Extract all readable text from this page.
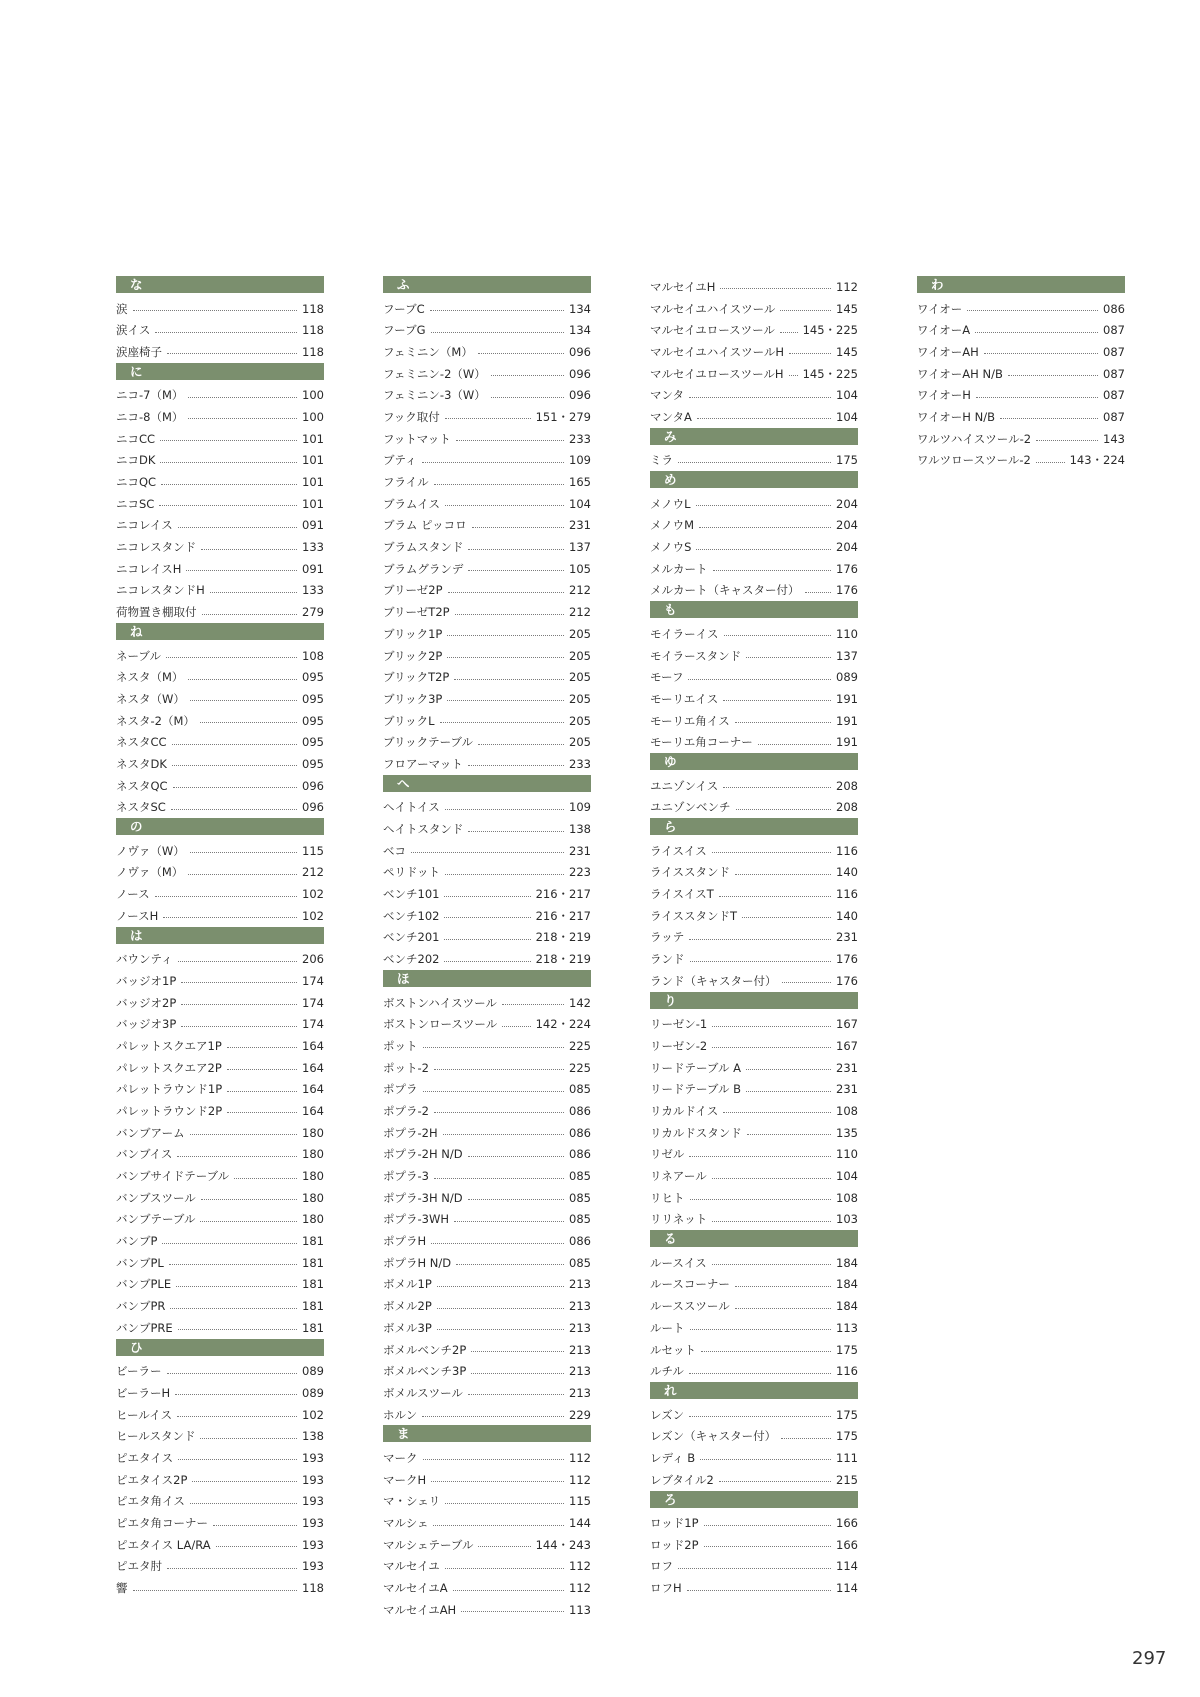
な
涙	118
涙イス	118
涙座椅子	118
に
ニコ-7（M）	100
ニコ-8（M）	100
ニコCC	101
ニコDK	101
ニコQC	101
ニコSC	101
ニコレイス	091
ニコレスタンド	133
ニコレイスH	091
ニコレスタンドH	133
荷物置き棚取付	279
ね
ネーブル	108
ネスタ（M）	095
ネスタ（W）	095
ネスタ-2（M）	095
ネスタCC	095
ネスタDK	095
ネスタQC	096
ネスタSC	096
の
ノヴァ（W）	115
ノヴァ（M）	212
ノース	102
ノースH	102
は
バウンティ	206
バッジオ1P	174
バッジオ2P	174
バッジオ3P	174
パレットスクエア1P	164
パレットスクエア2P	164
パレットラウンド1P	164
パレットラウンド2P	164
バンブアーム	180
バンブイス	180
バンブサイドテーブル	180
バンブスツール	180
バンブテーブル	180
バンブP	181
バンブPL	181
バンブPLE	181
バンブPR	181
バンブPRE	181
ひ
ビーラー	089
ビーラーH	089
ヒールイス	102
ヒールスタンド	138
ピエタイス	193
ピエタイス2P	193
ピエタ角イス	193
ピエタ角コーナー	193
ピエタイス LA/RA	193
ピエタ肘	193
響	118
ふ
フーブC	134
フーブG	134
フェミニン（M）	096
フェミニン-2（W）	096
フェミニン-3（W）	096
フック取付	151・279
フットマット	233
ブティ	109
フライル	165
ブラムイス	104
ブラム ピッコロ	231
ブラムスタンド	137
ブラムグランデ	105
ブリーゼ2P	212
ブリーゼT2P	212
ブリック1P	205
ブリック2P	205
ブリックT2P	205
ブリック3P	205
ブリックL	205
ブリックテーブル	205
フロアーマット	233
へ
ヘイトイス	109
ヘイトスタンド	138
ベコ	231
ペリドット	223
ベンチ101	216・217
ベンチ102	216・217
ベンチ201	218・219
ベンチ202	218・219
ほ
ボストンハイスツール	142
ボストンロースツール	142・224
ポット	225
ポット-2	225
ポプラ	085
ポプラ-2	086
ポプラ-2H	086
ポプラ-2H N/D	086
ポプラ-3	085
ポプラ-3H N/D	085
ポプラ-3WH	085
ポプラH	086
ポプラH N/D	085
ボメル1P	213
ボメル2P	213
ボメル3P	213
ボメルベンチ2P	213
ボメルベンチ3P	213
ボメルスツール	213
ホルン	229
ま
マーク	112
マークH	112
マ・シェリ	115
マルシェ	144
マルシェテーブル	144・243
マルセイユ	112
マルセイユA	112
マルセイユAH	113
マルセイユH	112
マルセイユハイスツール	145
マルセイユロースツール 145・225
マルセイユハイスツールH	145
マルセイユロースツールH 145・225
マンタ	104
マンタA	104
み
ミラ	175
め
メノウL	204
メノウM	204
メノウS	204
メルカート	176
メルカート（キャスター付）	176
も
モイラーイス	110
モイラースタンド	137
モーフ	089
モーリエイス	191
モーリエ角イス	191
モーリエ角コーナー	191
ゆ
ユニゾンイス	208
ユニゾンベンチ	208
ら
ライスイス	116
ライススタンド	140
ライスイスT	116
ライススタンドT	140
ラッテ	231
ランド	176
ランド（キャスター付）	176
り
リーゼン-1	167
リーゼン-2	167
リードテーブル A	231
リードテーブル B	231
リカルドイス	108
リカルドスタンド	135
リゼル	110
リネアール	104
リヒト	108
リリネット	103
る
ルースイス	184
ルースコーナー	184
ルーススツール	184
ルート	113
ルセット	175
ルチル	116
れ
レズン	175
レズン（キャスター付）	175
レディ B	111
レブタイル2	215
ろ
ロッド1P	166
ロッド2P	166
ロフ	114
ロフH	114
わ
ワイオー	086
ワイオーA	087
ワイオーAH	087
ワイオーAH N/B	087
ワイオーH	087
ワイオーH N/B	087
ワルツハイスツール-2	143
ワルツロースツール-2	143・224
297
